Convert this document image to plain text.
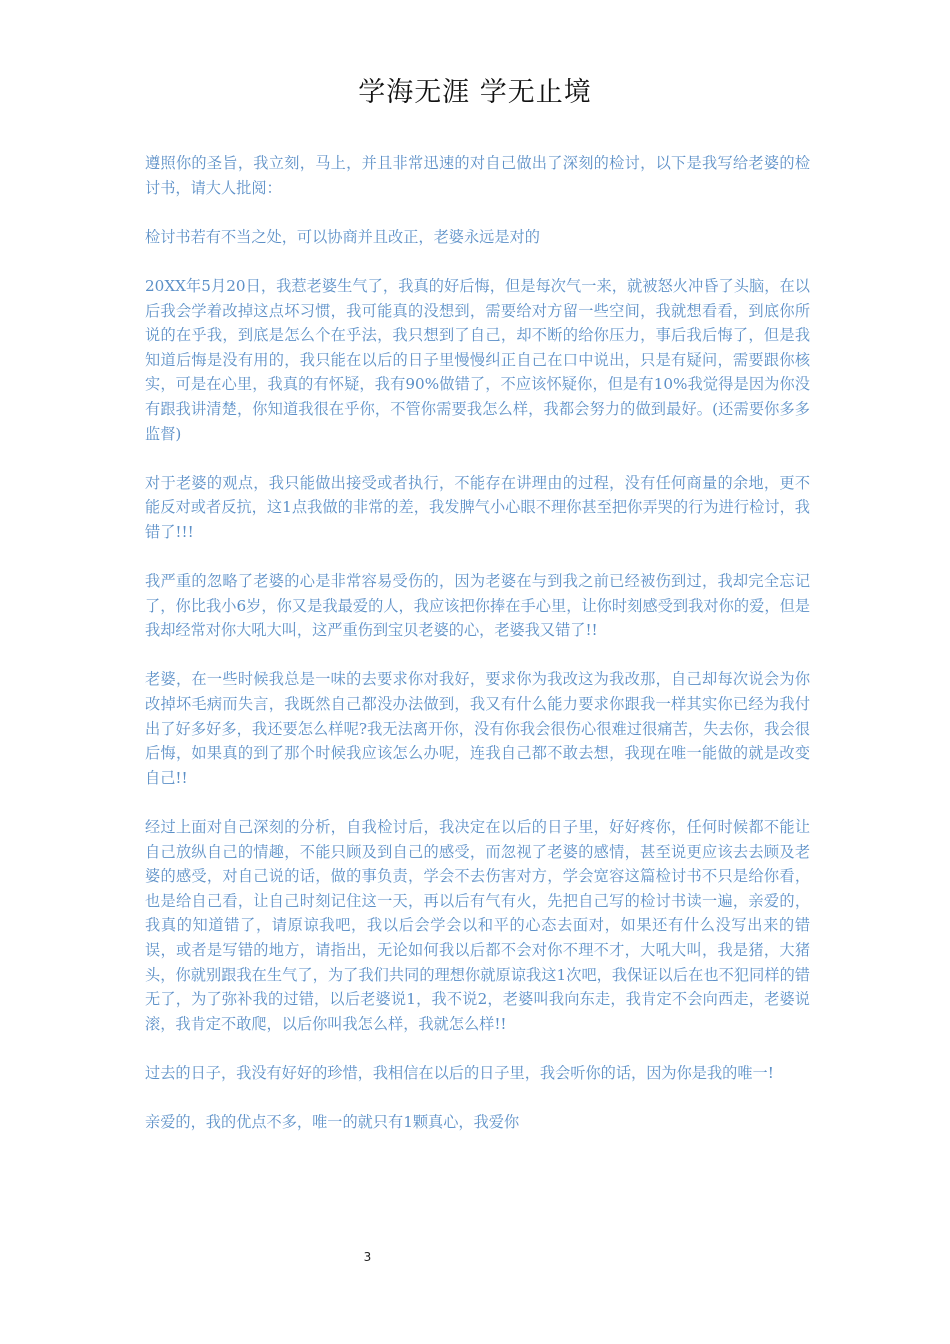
学海无涯 学无止境

遵照你的圣旨，我立刻，马上，并且非常迅速的对自己做出了深刻的检讨，以下是我写给老婆的检讨书，请大人批阅：

检讨书若有不当之处，可以协商并且改正，老婆永远是对的

20XX年5月20日，我惹老婆生气了，我真的好后悔，但是每次气一来，就被怒火冲昏了头脑，在以后我会学着改掉这点坏习惯，我可能真的没想到，需要给对方留一些空间，我就想看看，到底你所说的在乎我，到底是怎么个在乎法，我只想到了自己，却不断的给你压力，事后我后悔了，但是我知道后悔是没有用的，我只能在以后的日子里慢慢纠正自己在口中说出，只是有疑问，需要跟你核实，可是在心里，我真的有怀疑，我有90%做错了，不应该怀疑你，但是有10%我觉得是因为你没有跟我讲清楚，你知道我很在乎你，不管你需要我怎么样，我都会努力的做到最好。(还需要你多多监督)

对于老婆的观点，我只能做出接受或者执行，不能存在讲理由的过程，没有任何商量的余地，更不能反对或者反抗，这1点我做的非常的差，我发脾气小心眼不理你甚至把你弄哭的行为进行检讨，我错了!!!

我严重的忽略了老婆的心是非常容易受伤的，因为老婆在与到我之前已经被伤到过，我却完全忘记了，你比我小6岁，你又是我最爱的人，我应该把你捧在手心里，让你时刻感受到我对你的爱，但是我却经常对你大吼大叫，这严重伤到宝贝老婆的心，老婆我又错了!!

老婆，在一些时候我总是一味的去要求你对我好，要求你为我改这为我改那，自己却每次说会为你改掉坏毛病而失言，我既然自己都没办法做到，我又有什么能力要求你跟我一样其实你已经为我付出了好多好多，我还要怎么样呢?我无法离开你，没有你我会很伤心很难过很痛苦，失去你，我会很后悔，如果真的到了那个时候我应该怎么办呢，连我自己都不敢去想，我现在唯一能做的就是改变自己!!

经过上面对自己深刻的分析，自我检讨后，我决定在以后的日子里，好好疼你，任何时候都不能让自己放纵自己的情趣，不能只顾及到自己的感受，而忽视了老婆的感情，甚至说更应该去去顾及老婆的感受，对自己说的话，做的事负责，学会不去伤害对方，学会宽容这篇检讨书不只是给你看，也是给自己看，让自己时刻记住这一天，再以后有气有火，先把自己写的检讨书读一遍，亲爱的，我真的知道错了，请原谅我吧，我以后会学会以和平的心态去面对，如果还有什么没写出来的错误，或者是写错的地方，请指出，无论如何我以后都不会对你不理不才，大吼大叫，我是猪，大猪头，你就别跟我在生气了，为了我们共同的理想你就原谅我这1次吧，我保证以后在也不犯同样的错无了，为了弥补我的过错，以后老婆说1，我不说2，老婆叫我向东走，我肯定不会向西走，老婆说滚，我肯定不敢爬，以后你叫我怎么样，我就怎么样!!

过去的日子，我没有好好的珍惜，我相信在以后的日子里，我会听你的话，因为你是我的唯一!

亲爱的，我的优点不多，唯一的就只有1颗真心，我爱你

3
